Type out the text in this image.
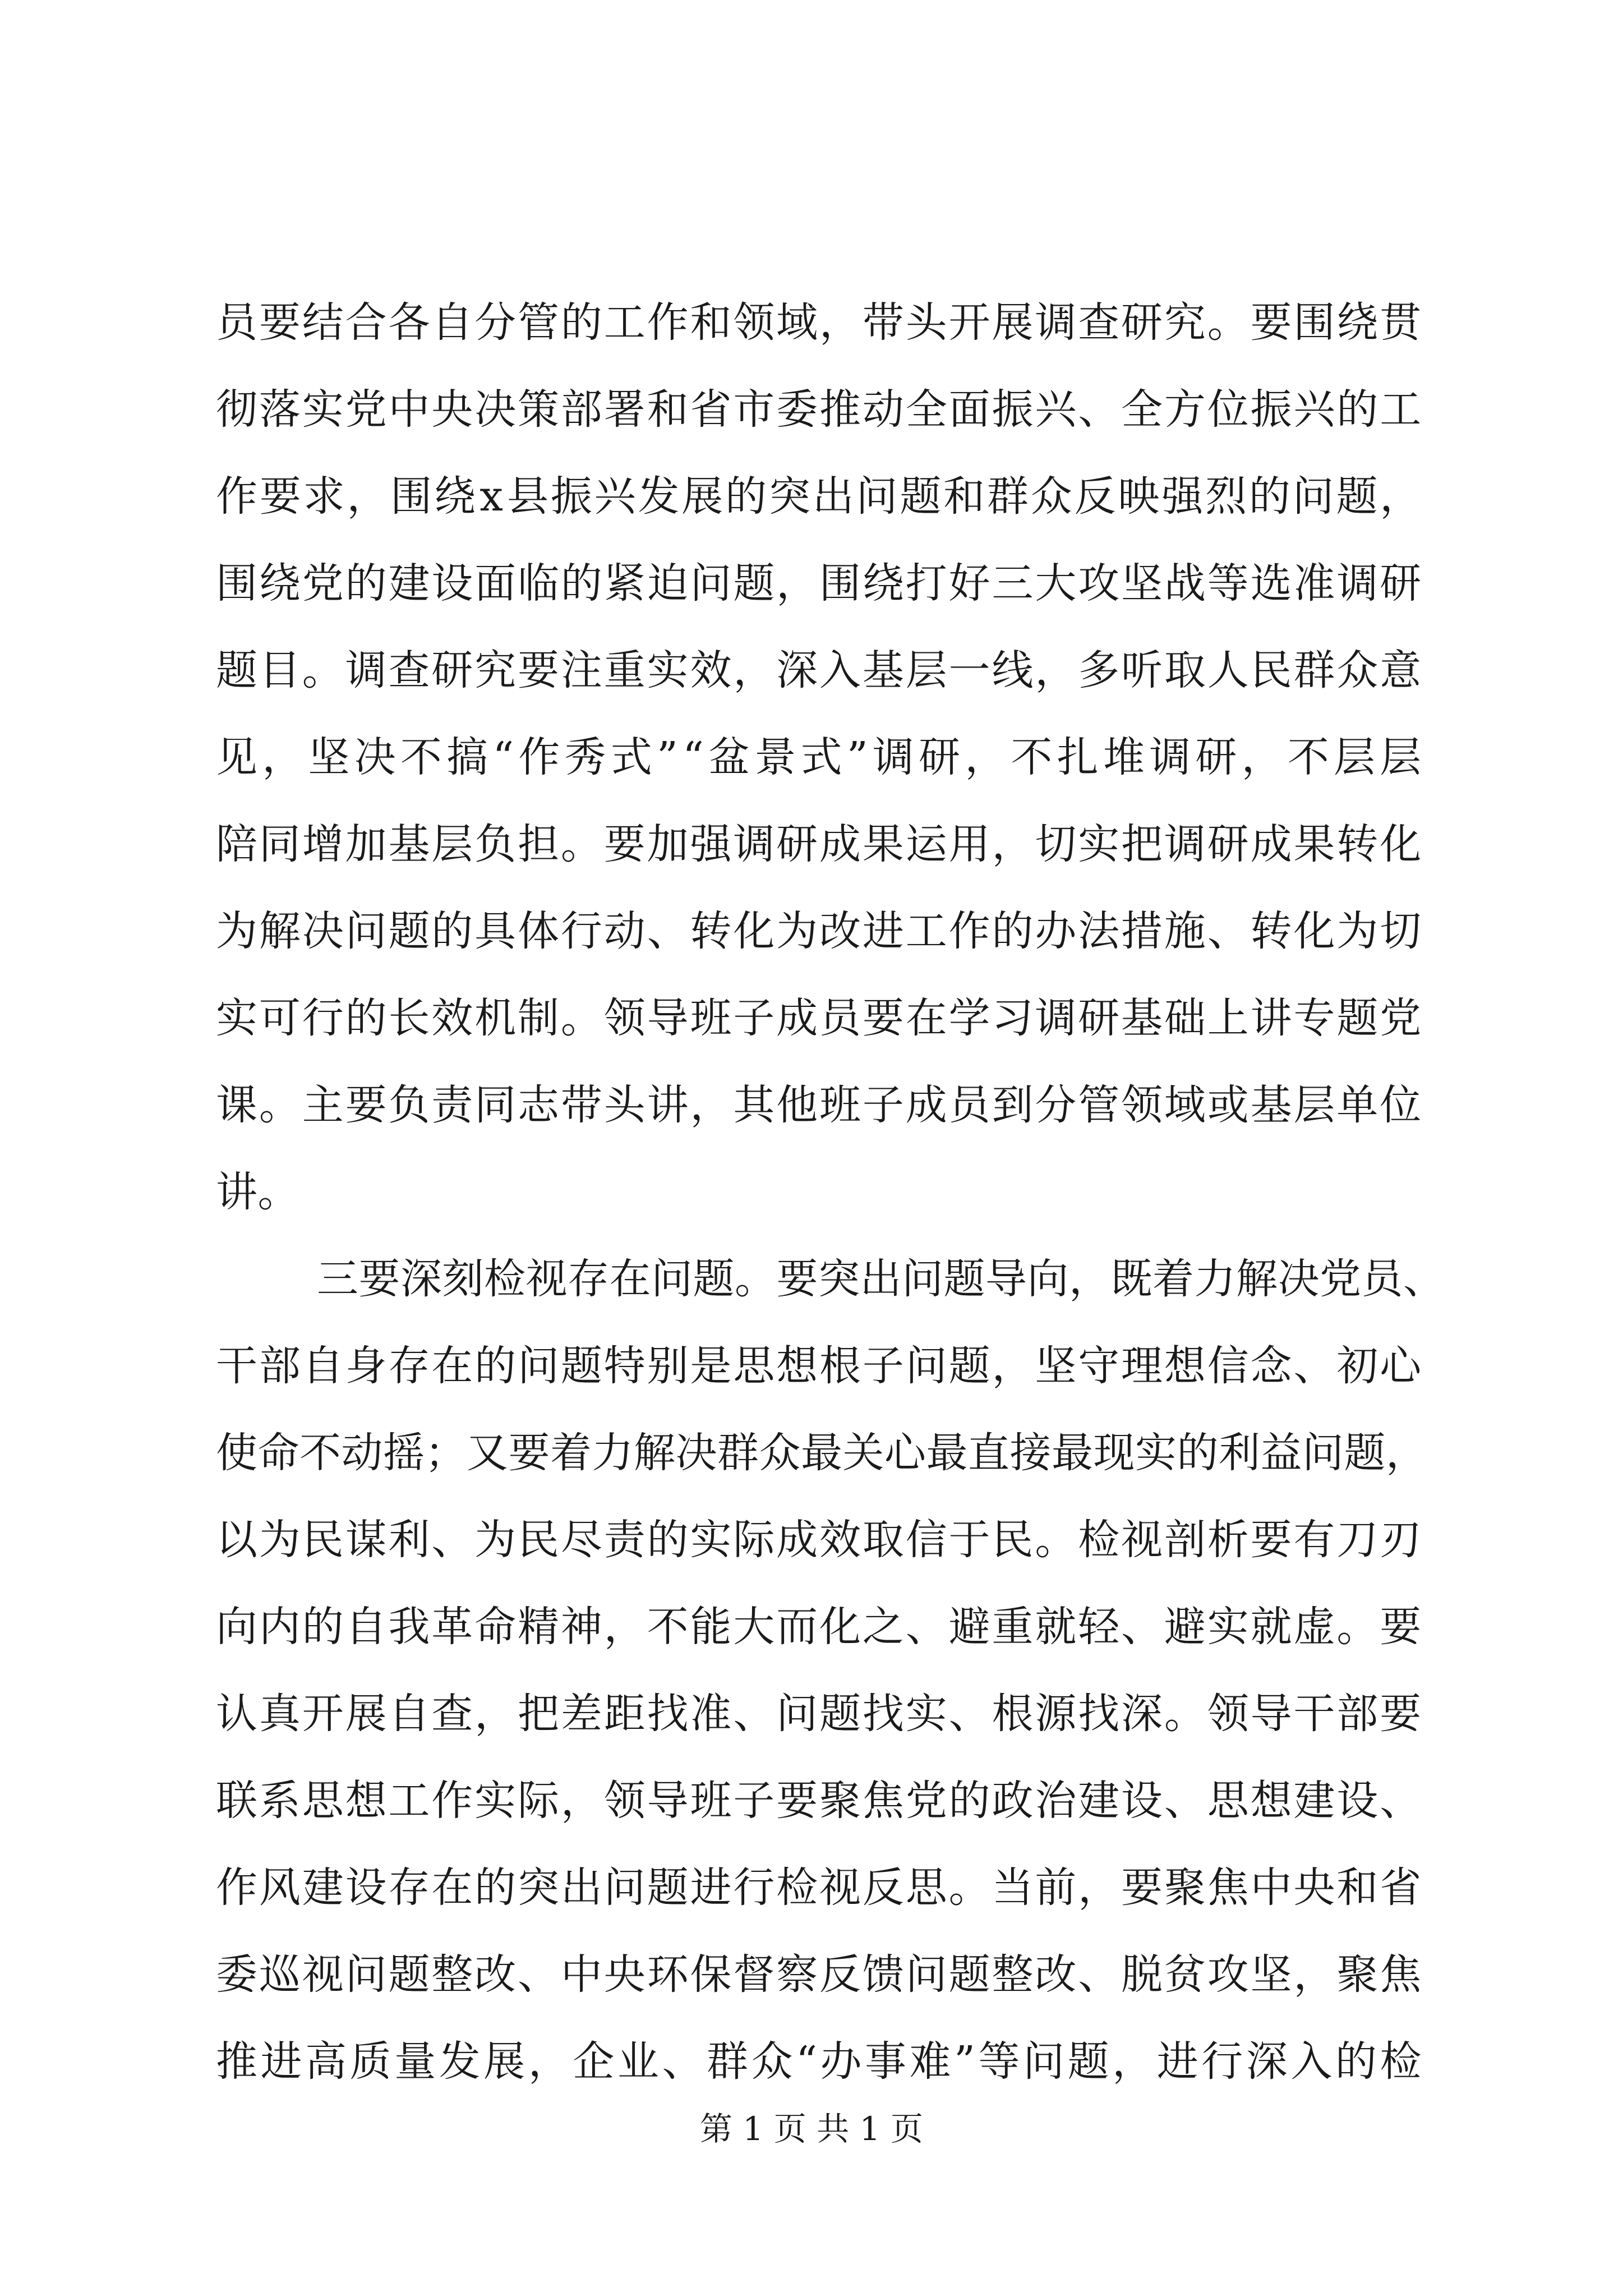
员 要 结 合 各 自 分 管 的 工 作 和 领 域 ， 带 头 开 展 调 查 研 究 。 要 围 绕 贯
彻 落 实 党 中 央 决 策 部 署 和 省 市 委 推 动 全 面 振 兴 、 全 方 位 振 兴 的 工
作 要 求 ， 围 绕 x 县 振 兴 发 展 的 突 出 问 题 和 群 众 反 映 强 烈 的 问 题 ，
围 绕 党 的 建 设 面 临 的 紧 迫 问 题 ， 围 绕 打 好 三 大 攻 坚 战 等 选 准 调 研
题 目 。 调 查 研 究 要 注 重 实 效 ， 深 入 基 层 一 线 ， 多 听 取 人 民 群 众 意
见 ， 坚 决 不 搞 “ 作 秀 式 ” “ 盆 景 式 ” 调 研 ， 不 扎 堆 调 研 ， 不 层 层
陪 同 增 加 基 层 负 担 。 要 加 强 调 研 成 果 运 用 ， 切 实 把 调 研 成 果 转 化
为 解 决 问 题 的 具 体 行 动 、 转 化 为 改 进 工 作 的 办 法 措 施 、 转 化 为 切
实 可 行 的 长 效 机 制 。 领 导 班 子 成 员 要 在 学 习 调 研 基 础 上 讲 专 题 党
课 。 主 要 负 责 同 志 带 头 讲 ， 其 他 班 子 成 员 到 分 管 领 域 或 基 层 单 位
讲。
三 要 深 刻 检 视 存 在 问 题 。 要 突 出 问 题 导 向 ， 既 着 力 解 决 党 员 、
干 部 自 身 存 在 的 问 题 特 别 是 思 想 根 子 问 题 ， 坚 守 理 想 信 念 、 初 心
使 命 不 动 摇 ； 又 要 着 力 解 决 群 众 最 关 心 最 直 接 最 现 实 的 利 益 问 题 ，
以 为 民 谋 利 、 为 民 尽 责 的 实 际 成 效 取 信 于 民 。 检 视 剖 析 要 有 刀 刃
向 内 的 自 我 革 命 精 神 ， 不 能 大 而 化 之 、 避 重 就 轻 、 避 实 就 虚 。 要
认 真 开 展 自 查 ， 把 差 距 找 准 、 问 题 找 实 、 根 源 找 深 。 领 导 干 部 要
联 系 思 想 工 作 实 际 ， 领 导 班 子 要 聚 焦 党 的 政 治 建 设 、 思 想 建 设 、
作 风 建 设 存 在 的 突 出 问 题 进 行 检 视 反 思 。 当 前 ， 要 聚 焦 中 央 和 省
委 巡 视 问 题 整 改 、 中 央 环 保 督 察 反 馈 问 题 整 改 、 脱 贫 攻 坚 ， 聚 焦
推 进 高 质 量 发 展 ， 企 业 、 群 众 “ 办 事 难 ” 等 问 题 ， 进 行 深 入 的 检
第 1 页 共 1 页
